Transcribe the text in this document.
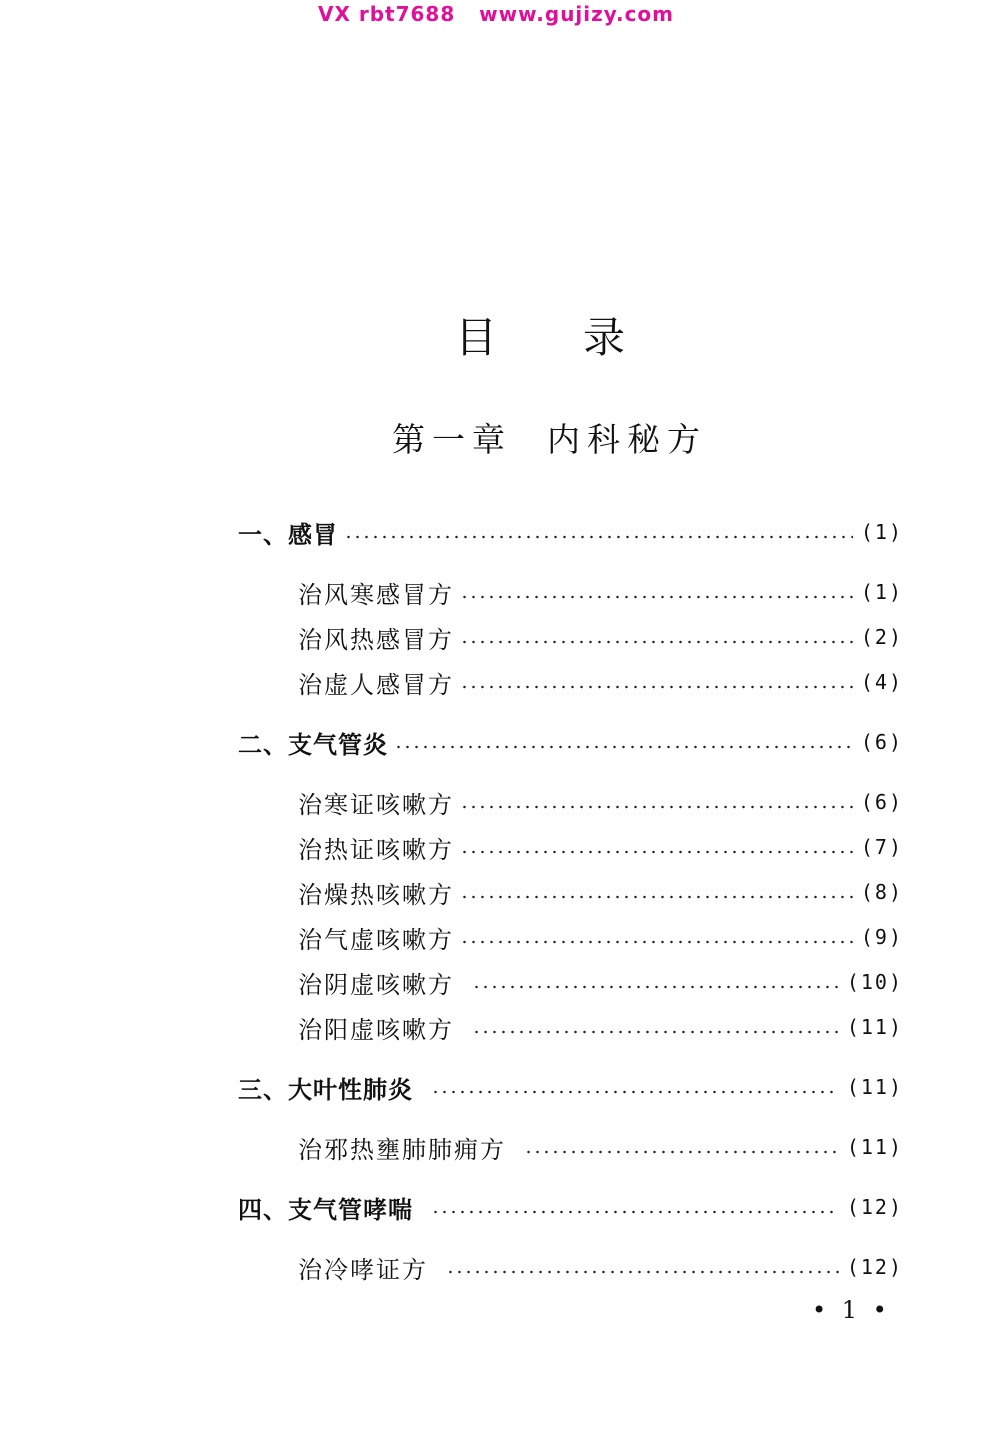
VX rbt7688   www.gujizy.com
目 录
第一章  内科秘方
一、感冒	(1)
治风寒感冒方	(1)
治风热感冒方	(2)
治虚人感冒方	(4)
二、支气管炎	(6)
治寒证咳嗽方	(6)
治热证咳嗽方	(7)
治燥热咳嗽方	(8)
治气虚咳嗽方	(9)
治阴虚咳嗽方	(10)
治阳虚咳嗽方	(11)
三、大叶性肺炎	(11)
治邪热壅肺肺痈方	(11)
四、支气管哮喘	(12)
治冷哮证方	(12)
• 1 •
